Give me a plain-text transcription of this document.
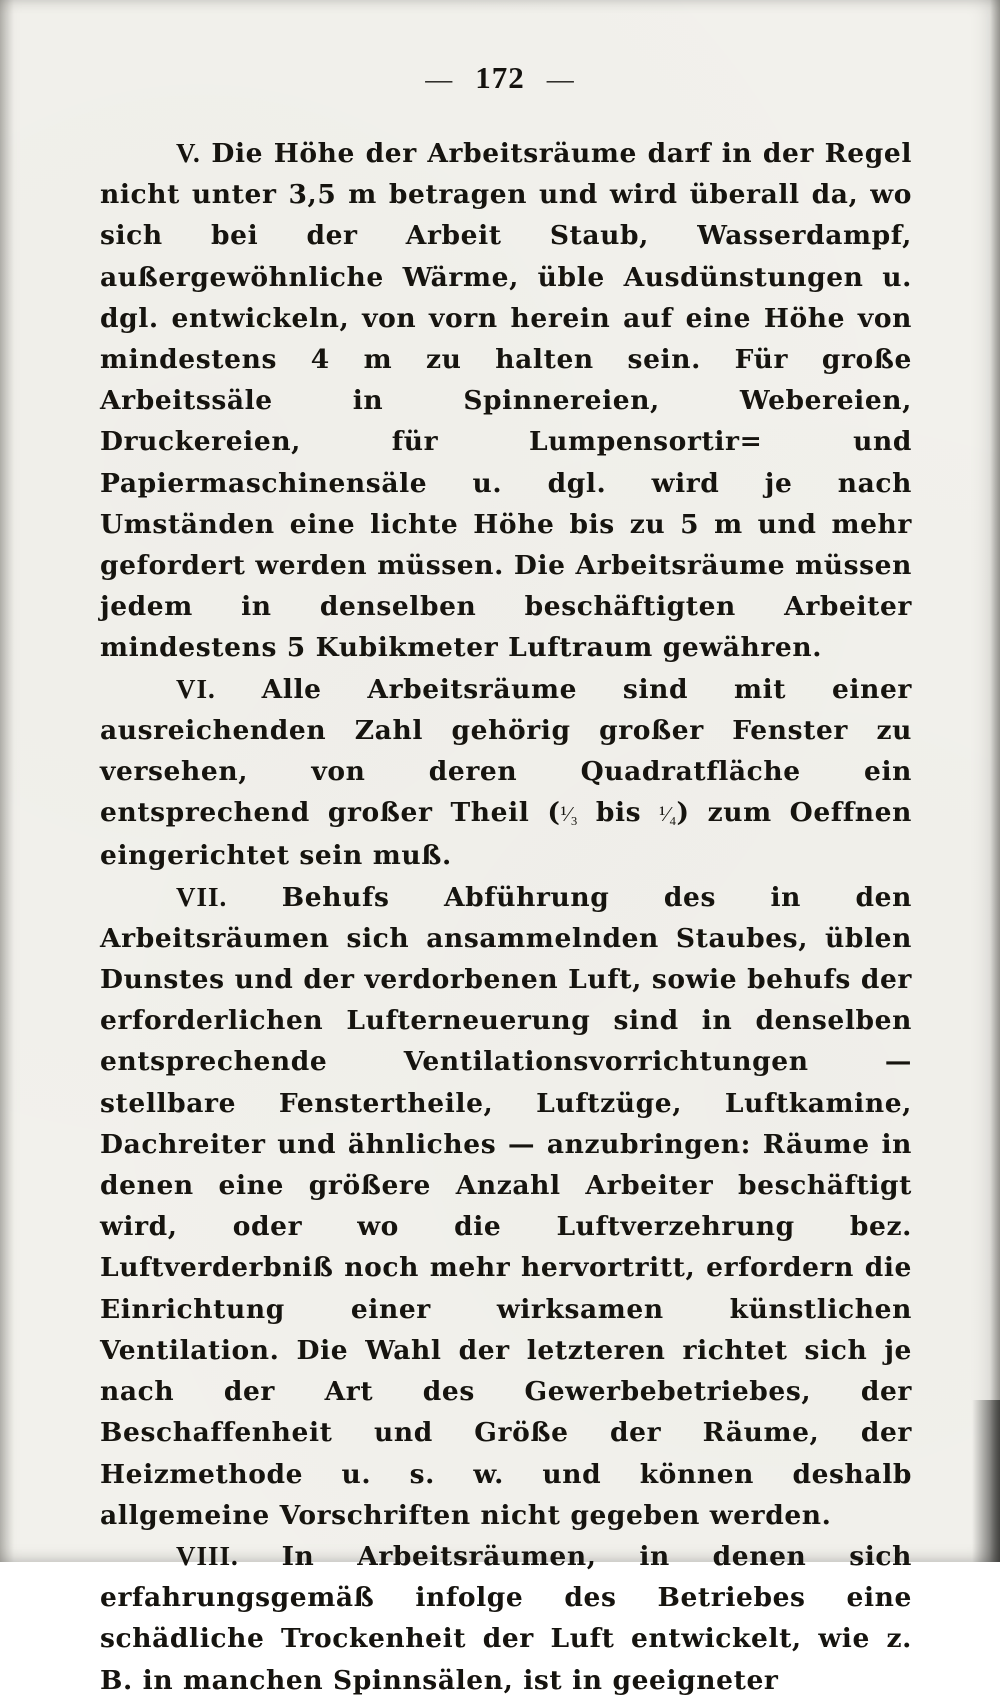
— 172 —

V. Die Höhe der Arbeitsräume darf in der Regel nicht unter 3,5 m betragen und wird überall da, wo sich bei der Arbeit Staub, Wasserdampf, außergewöhnliche Wärme, üble Ausdünstungen u. dgl. entwickeln, von vorn herein auf eine Höhe von mindestens 4 m zu halten sein. Für große Arbeitssäle in Spinnereien, Webereien, Druckereien, für Lumpensortir= und Papiermaschinensäle u. dgl. wird je nach Umständen eine lichte Höhe bis zu 5 m und mehr gefordert werden müssen. Die Arbeitsräume müssen jedem in denselben beschäftigten Arbeiter mindestens 5 Kubikmeter Luftraum gewähren.

VI. Alle Arbeitsräume sind mit einer ausreichenden Zahl gehörig großer Fenster zu versehen, von deren Quadratfläche ein entsprechend großer Theil (¹⁄₃ bis ¹⁄₄) zum Oeffnen eingerichtet sein muß.

VII. Behufs Abführung des in den Arbeitsräumen sich ansammelnden Staubes, üblen Dunstes und der verdorbenen Luft, sowie behufs der erforderlichen Lufterneuerung sind in denselben entsprechende Ventilationsvorrichtungen — stellbare Fenstertheile, Luftzüge, Luftkamine, Dachreiter und ähnliches — anzubringen: Räume in denen eine größere Anzahl Arbeiter beschäftigt wird, oder wo die Luftverzehrung bez. Luftverderbniß noch mehr hervortritt, erfordern die Einrichtung einer wirksamen künstlichen Ventilation. Die Wahl der letzteren richtet sich je nach der Art des Gewerbebetriebes, der Beschaffenheit und Größe der Räume, der Heizmethode u. s. w. und können deshalb allgemeine Vorschriften nicht gegeben werden.

VIII. In Arbeitsräumen, in denen sich erfahrungsgemäß infolge des Betriebes eine schädliche Trockenheit der Luft entwickelt, wie z. B. in manchen Spinnsälen, ist in geeigneter
